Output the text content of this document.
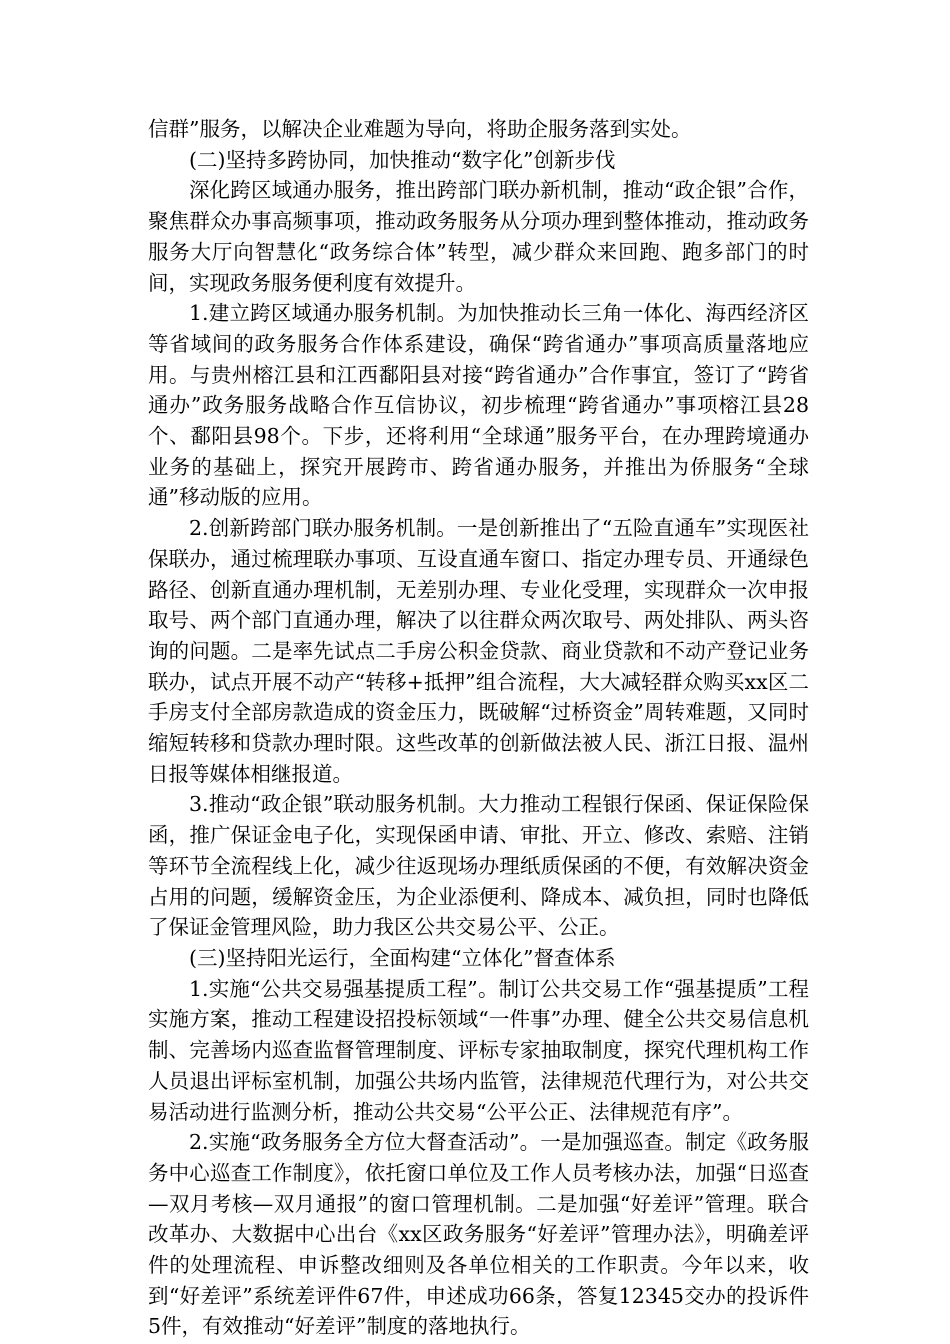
信群”服务，以解决企业难题为导向，将助企服务落到实处。

(二)坚持多跨协同，加快推动“数字化”创新步伐

深化跨区域通办服务，推出跨部门联办新机制，推动“政企银”合作，聚焦群众办事高频事项，推动政务服务从分项办理到整体推动，推动政务服务大厅向智慧化“政务综合体”转型，减少群众来回跑、跑多部门的时间，实现政务服务便利度有效提升。

1.建立跨区域通办服务机制。为加快推动长三角一体化、海西经济区等省域间的政务服务合作体系建设，确保“跨省通办”事项高质量落地应用。与贵州榕江县和江西鄱阳县对接“跨省通办”合作事宜，签订了“跨省通办”政务服务战略合作互信协议，初步梳理“跨省通办”事项榕江县28个、鄱阳县98个。下步，还将利用“全球通”服务平台，在办理跨境通办业务的基础上，探究开展跨市、跨省通办服务，并推出为侨服务“全球通”移动版的应用。

2.创新跨部门联办服务机制。一是创新推出了“五险直通车”实现医社保联办，通过梳理联办事项、互设直通车窗口、指定办理专员、开通绿色路径、创新直通办理机制，无差别办理、专业化受理，实现群众一次申报取号、两个部门直通办理，解决了以往群众两次取号、两处排队、两头咨询的问题。二是率先试点二手房公积金贷款、商业贷款和不动产登记业务联办，试点开展不动产“转移+抵押”组合流程，大大减轻群众购买xx区二手房支付全部房款造成的资金压力，既破解“过桥资金”周转难题，又同时缩短转移和贷款办理时限。这些改革的创新做法被人民、浙江日报、温州日报等媒体相继报道。

3.推动“政企银”联动服务机制。大力推动工程银行保函、保证保险保函，推广保证金电子化，实现保函申请、审批、开立、修改、索赔、注销等环节全流程线上化，减少往返现场办理纸质保函的不便，有效解决资金占用的问题，缓解资金压，为企业添便利、降成本、减负担，同时也降低了保证金管理风险，助力我区公共交易公平、公正。

(三)坚持阳光运行，全面构建“立体化”督查体系

1.实施“公共交易强基提质工程”。制订公共交易工作“强基提质”工程实施方案，推动工程建设招投标领域“一件事”办理、健全公共交易信息机制、完善场内巡查监督管理制度、评标专家抽取制度，探究代理机构工作人员退出评标室机制，加强公共场内监管，法律规范代理行为，对公共交易活动进行监测分析，推动公共交易“公平公正、法律规范有序”。

2.实施“政务服务全方位大督查活动”。一是加强巡查。制定《政务服务中心巡查工作制度》，依托窗口单位及工作人员考核办法，加强“日巡查—双月考核—双月通报”的窗口管理机制。二是加强“好差评”管理。联合改革办、大数据中心出台《xx区政务服务“好差评”管理办法》，明确差评件的处理流程、申诉整改细则及各单位相关的工作职责。今年以来，收到“好差评”系统差评件67件，申述成功66条，答复12345交办的投诉件5件，有效推动“好差评”制度的落地执行。
